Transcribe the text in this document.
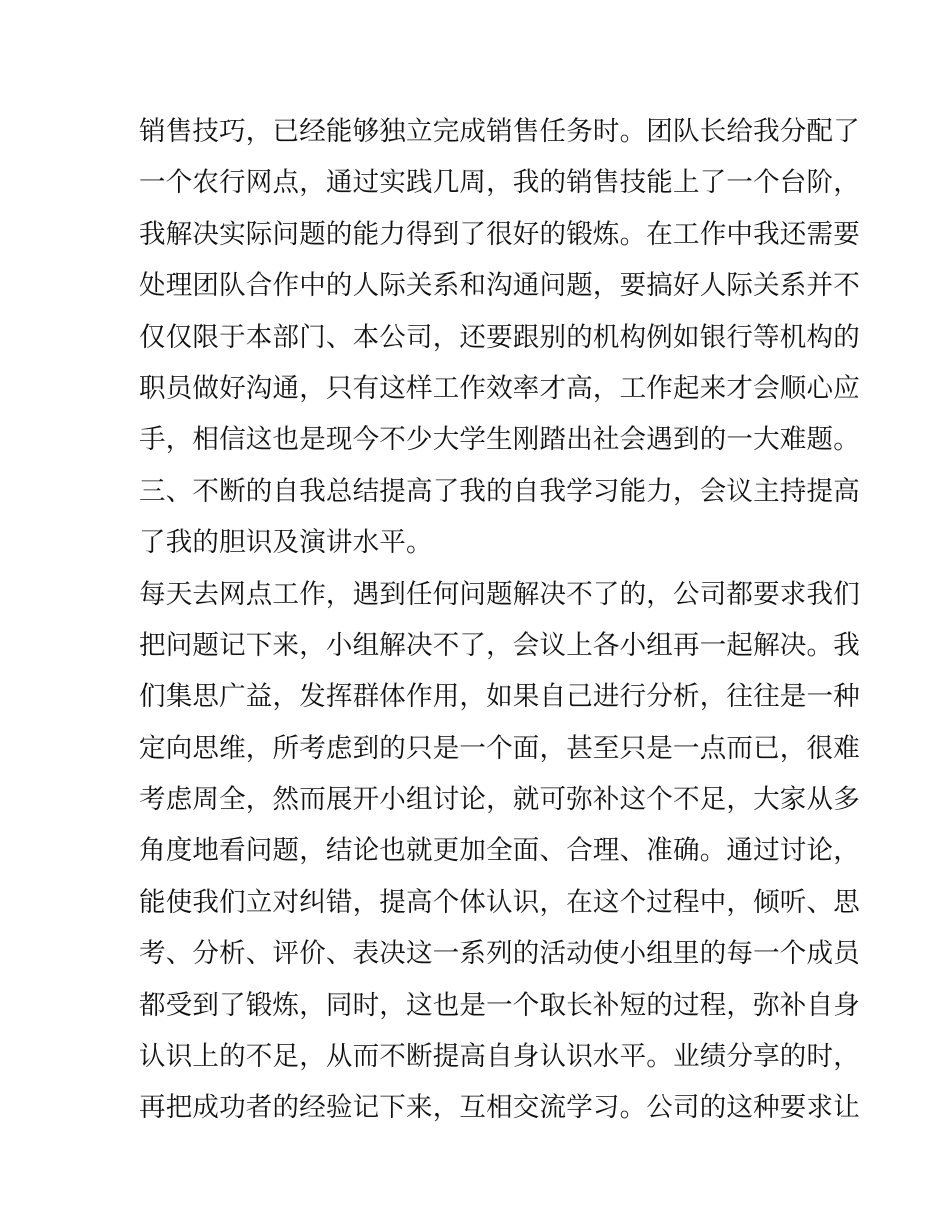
销售技巧，已经能够独立完成销售任务时。团队长给我分配了
一个农行网点，通过实践几周，我的销售技能上了一个台阶，
我解决实际问题的能力得到了很好的锻炼。在工作中我还需要
处理团队合作中的人际关系和沟通问题，要搞好人际关系并不
仅仅限于本部门、本公司，还要跟别的机构例如银行等机构的
职员做好沟通，只有这样工作效率才高，工作起来才会顺心应
手，相信这也是现今不少大学生刚踏出社会遇到的一大难题。
三、不断的自我总结提高了我的自我学习能力，会议主持提高
了我的胆识及演讲水平。
每天去网点工作，遇到任何问题解决不了的，公司都要求我们
把问题记下来，小组解决不了，会议上各小组再一起解决。我
们集思广益，发挥群体作用，如果自己进行分析，往往是一种
定向思维，所考虑到的只是一个面，甚至只是一点而已，很难
考虑周全，然而展开小组讨论，就可弥补这个不足，大家从多
角度地看问题，结论也就更加全面、合理、准确。通过讨论，
能使我们立对纠错，提高个体认识，在这个过程中，倾听、思
考、分析、评价、表决这一系列的活动使小组里的每一个成员
都受到了锻炼，同时，这也是一个取长补短的过程，弥补自身
认识上的不足，从而不断提高自身认识水平。业绩分享的时，
再把成功者的经验记下来，互相交流学习。公司的这种要求让
